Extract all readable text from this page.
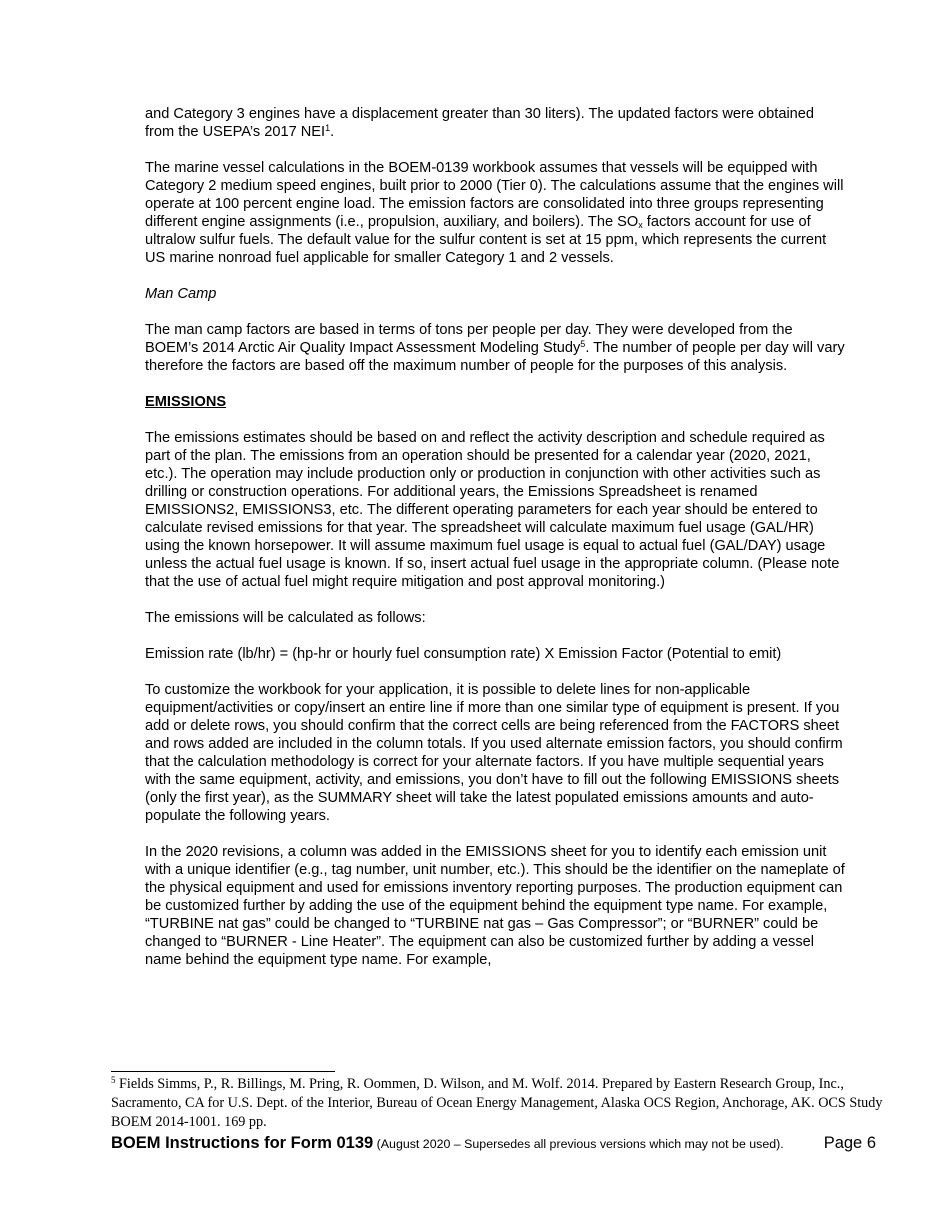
and Category 3 engines have a displacement greater than 30 liters). The updated factors were obtained from the USEPA’s 2017 NEI$^1$.

The marine vessel calculations in the BOEM-0139 workbook assumes that vessels will be equipped with Category 2 medium speed engines, built prior to 2000 (Tier 0). The calculations assume that the engines will operate at 100 percent engine load. The emission factors are consolidated into three groups representing different engine assignments (i.e., propulsion, auxiliary, and boilers). The $SO_x$ factors account for use of ultralow sulfur fuels. The default value for the sulfur content is set at 15 ppm, which represents the current US marine nonroad fuel applicable for smaller Category 1 and 2 vessels.

Man Camp

The man camp factors are based in terms of tons per people per day. They were developed from the BOEM’s 2014 Arctic Air Quality Impact Assessment Modeling Study$^5$. The number of people per day will vary therefore the factors are based off the maximum number of people for the purposes of this analysis.

EMISSIONS

The emissions estimates should be based on and reflect the activity description and schedule required as part of the plan. The emissions from an operation should be presented for a calendar year (2020, 2021, etc.). The operation may include production only or production in conjunction with other activities such as drilling or construction operations. For additional years, the Emissions Spreadsheet is renamed EMISSIONS2, EMISSIONS3, etc. The different operating parameters for each year should be entered to calculate revised emissions for that year. The spreadsheet will calculate maximum fuel usage (GAL/HR) using the known horsepower. It will assume maximum fuel usage is equal to actual fuel (GAL/DAY) usage unless the actual fuel usage is known. If so, insert actual fuel usage in the appropriate column. (Please note that the use of actual fuel might require mitigation and post approval monitoring.)

The emissions will be calculated as follows:

Emission rate (lb/hr) = (hp-hr or hourly fuel consumption rate) X Emission Factor (Potential to emit)

To customize the workbook for your application, it is possible to delete lines for non-applicable equipment/activities or copy/insert an entire line if more than one similar type of equipment is present. If you add or delete rows, you should confirm that the correct cells are being referenced from the FACTORS sheet and rows added are included in the column totals. If you used alternate emission factors, you should confirm that the calculation methodology is correct for your alternate factors. If you have multiple sequential years with the same equipment, activity, and emissions, you don’t have to fill out the following EMISSIONS sheets (only the first year), as the SUMMARY sheet will take the latest populated emissions amounts and auto-populate the following years.

In the 2020 revisions, a column was added in the EMISSIONS sheet for you to identify each emission unit with a unique identifier (e.g., tag number, unit number, etc.). This should be the identifier on the nameplate of the physical equipment and used for emissions inventory reporting purposes. The production equipment can be customized further by adding the use of the equipment behind the equipment type name. For example, “TURBINE nat gas” could be changed to “TURBINE nat gas – Gas Compressor”; or “BURNER” could be changed to “BURNER - Line Heater”. The equipment can also be customized further by adding a vessel name behind the equipment type name. For example,

$^5$ Fields Simms, P., R. Billings, M. Pring, R. Oommen, D. Wilson, and M. Wolf. 2014. Prepared by Eastern Research Group, Inc., Sacramento, CA for U.S. Dept. of the Interior, Bureau of Ocean Energy Management, Alaska OCS Region, Anchorage, AK. OCS Study BOEM 2014-1001. 169 pp.
BOEM Instructions for Form 0139 (August 2020 – Supersedes all previous versions which may not be used). Page 6
